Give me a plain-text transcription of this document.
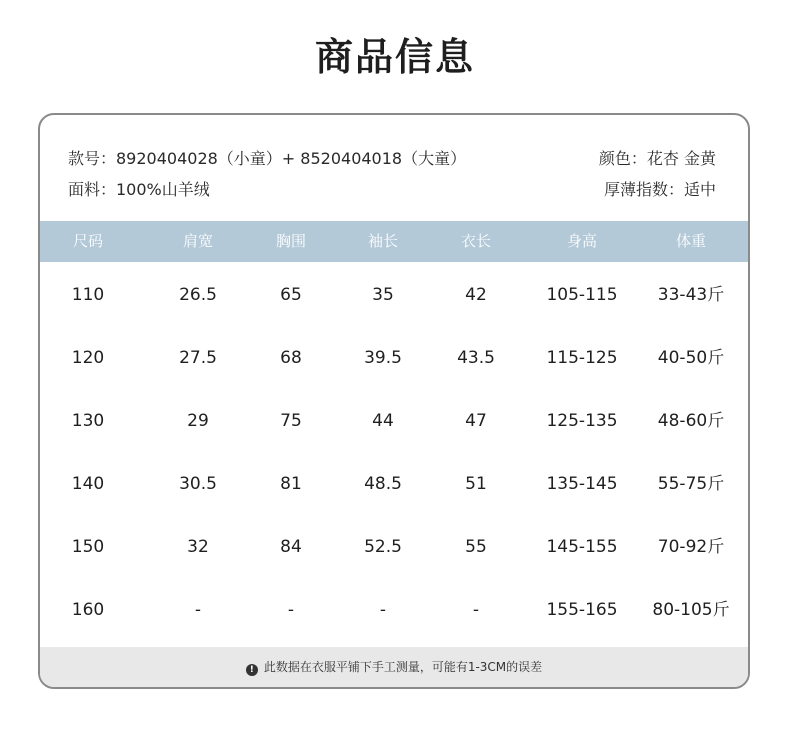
商品信息
款号：8920404028（小童）+ 8520404018（大童）	颜色：花杏 金黄
面料：100%山羊绒	厚薄指数：适中
尺码	肩宽	胸围	袖长	衣长	身高	体重
110	26.5	65	35	42	105-115	33-43斤
120	27.5	68	39.5	43.5	115-125	40-50斤
130	29	75	44	47	125-135	48-60斤
140	30.5	81	48.5	51	135-145	55-75斤
150	32	84	52.5	55	145-155	70-92斤
160	-	-	-	-	155-165	80-105斤
! 此数据在衣服平铺下手工测量，可能有1-3CM的误差
